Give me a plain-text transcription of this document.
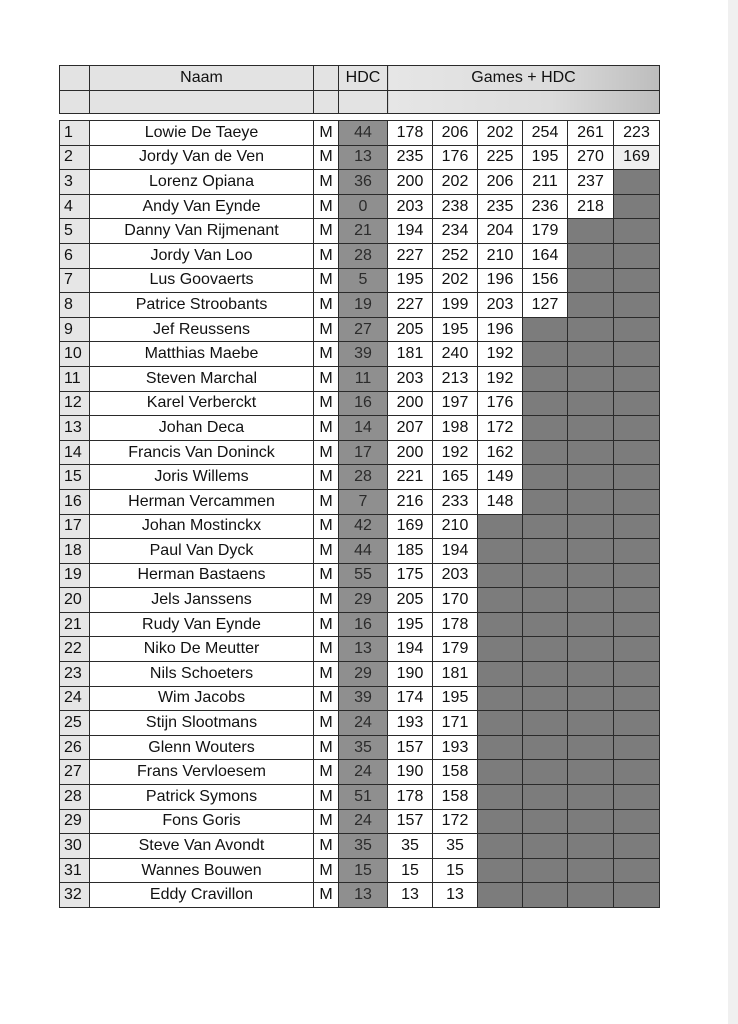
	Naam		HDC	Games + HDC					

1	Lowie De Taeye	M	44	178	206	202	254	261	223
2	Jordy Van de Ven	M	13	235	176	225	195	270	169
3	Lorenz Opiana	M	36	200	202	206	211	237	
4	Andy Van Eynde	M	0	203	238	235	236	218	
5	Danny Van Rijmenant	M	21	194	234	204	179		
6	Jordy Van Loo	M	28	227	252	210	164		
7	Lus Goovaerts	M	5	195	202	196	156		
8	Patrice Stroobants	M	19	227	199	203	127		
9	Jef Reussens	M	27	205	195	196			
10	Matthias Maebe	M	39	181	240	192			
11	Steven Marchal	M	11	203	213	192			
12	Karel Verberckt	M	16	200	197	176			
13	Johan Deca	M	14	207	198	172			
14	Francis Van Doninck	M	17	200	192	162			
15	Joris Willems	M	28	221	165	149			
16	Herman Vercammen	M	7	216	233	148			
17	Johan Mostinckx	M	42	169	210				
18	Paul Van Dyck	M	44	185	194				
19	Herman Bastaens	M	55	175	203				
20	Jels Janssens	M	29	205	170				
21	Rudy Van Eynde	M	16	195	178				
22	Niko De Meutter	M	13	194	179				
23	Nils Schoeters	M	29	190	181				
24	Wim Jacobs	M	39	174	195				
25	Stijn Slootmans	M	24	193	171				
26	Glenn Wouters	M	35	157	193				
27	Frans Vervloesem	M	24	190	158				
28	Patrick Symons	M	51	178	158				
29	Fons Goris	M	24	157	172				
30	Steve Van Avondt	M	35	35	35				
31	Wannes Bouwen	M	15	15	15				
32	Eddy Cravillon	M	13	13	13				
